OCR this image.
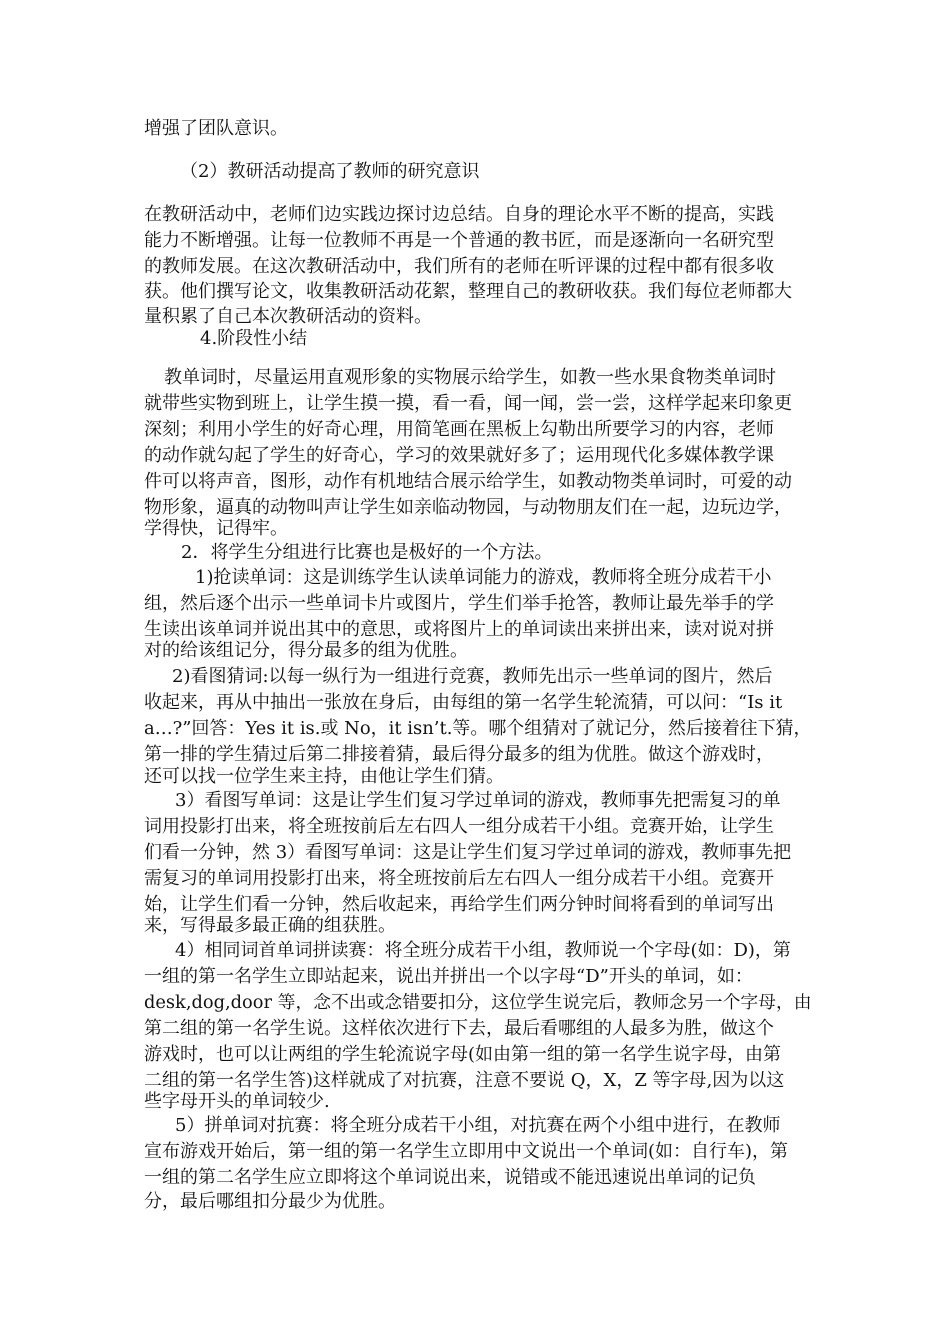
增强了团队意识。

（2）教研活动提高了教师的研究意识

在教研活动中，老师们边实践边探讨边总结。自身的理论水平不断的提高，实践

能力不断增强。让每一位教师不再是一个普通的教书匠，而是逐渐向一名研究型

的教师发展。在这次教研活动中，我们所有的老师在听评课的过程中都有很多收

获。他们撰写论文，收集教研活动花絮，整理自己的教研收获。我们每位老师都大

量积累了自己本次教研活动的资料。

4.阶段性小结

教单词时，尽量运用直观形象的实物展示给学生，如教一些水果食物类单词时

就带些实物到班上，让学生摸一摸，看一看，闻一闻，尝一尝，这样学起来印象更

深刻；利用小学生的好奇心理，用简笔画在黑板上勾勒出所要学习的内容，老师

的动作就勾起了学生的好奇心，学习的效果就好多了；运用现代化多媒体教学课

件可以将声音，图形，动作有机地结合展示给学生，如教动物类单词时，可爱的动

物形象，逼真的动物叫声让学生如亲临动物园，与动物朋友们在一起，边玩边学，

学得快，记得牢。

2．将学生分组进行比赛也是极好的一个方法。

1)抢读单词：这是训练学生认读单词能力的游戏，教师将全班分成若干小

组，然后逐个出示一些单词卡片或图片，学生们举手抢答，教师让最先举手的学

生读出该单词并说出其中的意思，或将图片上的单词读出来拼出来，读对说对拼

对的给该组记分，得分最多的组为优胜。

2)看图猜词:以每一纵行为一组进行竞赛，教师先出示一些单词的图片，然后

收起来，再从中抽出一张放在身后，由每组的第一名学生轮流猜，可以问：“Is it

a…?”回答：Yes it is.或 No，it isn’t.等。哪个组猜对了就记分，然后接着往下猜，

第一排的学生猜过后第二排接着猜，最后得分最多的组为优胜。做这个游戏时，

还可以找一位学生来主持，由他让学生们猜。

3）看图写单词：这是让学生们复习学过单词的游戏，教师事先把需复习的单

词用投影打出来，将全班按前后左右四人一组分成若干小组。竞赛开始，让学生

们看一分钟，然 3）看图写单词：这是让学生们复习学过单词的游戏，教师事先把

需复习的单词用投影打出来，将全班按前后左右四人一组分成若干小组。竞赛开

始，让学生们看一分钟，然后收起来，再给学生们两分钟时间将看到的单词写出

来，写得最多最正确的组获胜。

4）相同词首单词拼读赛：将全班分成若干小组，教师说一个字母(如：D)，第

一组的第一名学生立即站起来，说出并拼出一个以字母“D”开头的单词，如：

desk,dog,door 等，念不出或念错要扣分，这位学生说完后，教师念另一个字母，由

第二组的第一名学生说。这样依次进行下去，最后看哪组的人最多为胜，做这个

游戏时，也可以让两组的学生轮流说字母(如由第一组的第一名学生说字母，由第

二组的第一名学生答)这样就成了对抗赛，注意不要说 Q，X，Z 等字母,因为以这

些字母开头的单词较少.

5）拼单词对抗赛：将全班分成若干小组，对抗赛在两个小组中进行，在教师

宣布游戏开始后，第一组的第一名学生立即用中文说出一个单词(如：自行车)，第

一组的第二名学生应立即将这个单词说出来，说错或不能迅速说出单词的记负

分，最后哪组扣分最少为优胜。
